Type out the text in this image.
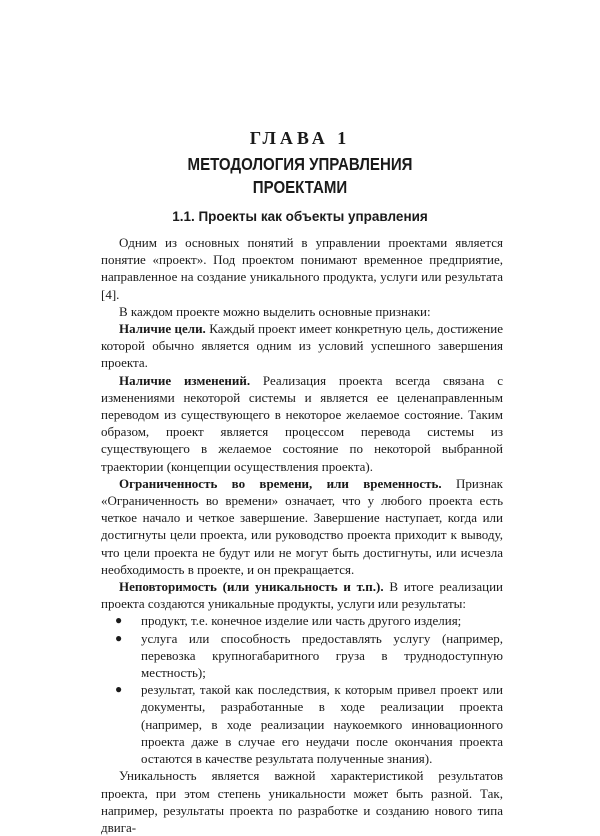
ГЛАВА 1
МЕТОДОЛОГИЯ УПРАВЛЕНИЯ
ПРОЕКТАМИ
1.1. Проекты как объекты управления

Одним из основных понятий в управлении проектами является понятие «проект». Под проектом понимают временное предприятие, направленное на создание уникального продукта, услуги или результата [4].

В каждом проекте можно выделить основные признаки:

Наличие цели. Каждый проект имеет конкретную цель, достижение которой обычно является одним из условий успешного завершения проекта.

Наличие изменений. Реализация проекта всегда связана с изменениями некоторой системы и является ее целенаправленным переводом из существующего в некоторое желаемое состояние. Таким образом, проект является процессом перевода системы из существующего в желаемое состояние по некоторой выбранной траектории (концепции осуществления проекта).

Ограниченность во времени, или временность. Признак «Ограниченность во времени» означает, что у любого проекта есть четкое начало и четкое завершение. Завершение наступает, когда или достигнуты цели проекта, или руководство проекта приходит к выводу, что цели проекта не будут или не могут быть достигнуты, или исчезла необходимость в проекте, и он прекращается.

Неповторимость (или уникальность и т.п.). В итоге реализации проекта создаются уникальные продукты, услуги или результаты:

● продукт, т.е. конечное изделие или часть другого изделия;
● услуга или способность предоставлять услугу (например, перевозка крупногабаритного груза в труднодоступную местность);
● результат, такой как последствия, к которым привел проект или документы, разработанные в ходе реализации проекта (например, в ходе реализации наукоемкого инновационного проекта даже в случае его неудачи после окончания проекта остаются в качестве результата полученные знания).

Уникальность является важной характеристикой результатов проекта, при этом степень уникальности может быть разной. Так, например, результаты проекта по разработке и созданию нового типа двига-
